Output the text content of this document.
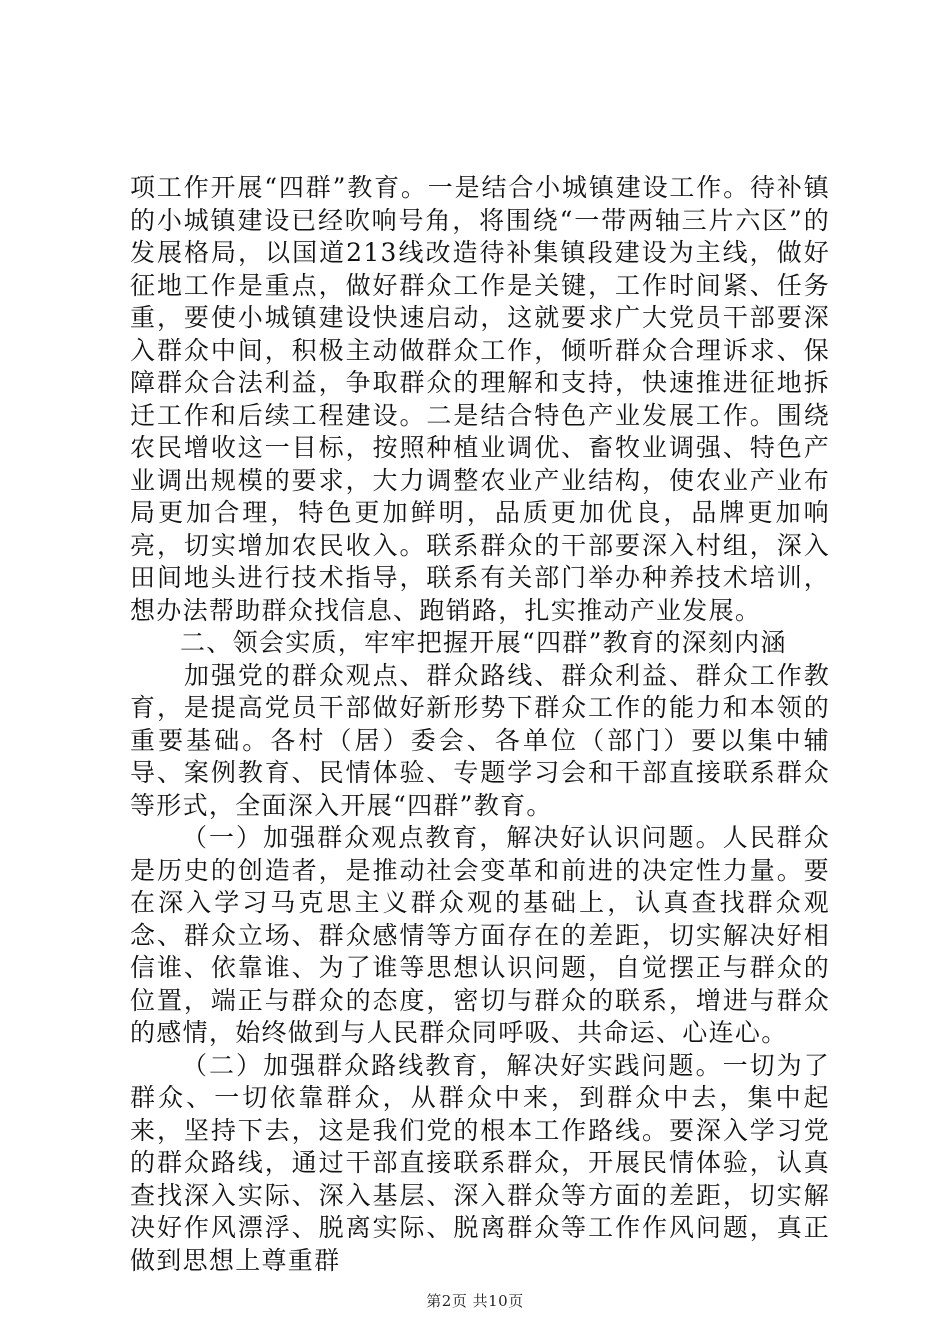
项工作开展“四群”教育。一是结合小城镇建设工作。待补镇的小城镇建设已经吹响号角，将围绕“一带两轴三片六区”的发展格局，以国道213线改造待补集镇段建设为主线，做好征地工作是重点，做好群众工作是关键，工作时间紧、任务重，要使小城镇建设快速启动，这就要求广大党员干部要深入群众中间，积极主动做群众工作，倾听群众合理诉求、保障群众合法利益，争取群众的理解和支持，快速推进征地拆迁工作和后续工程建设。二是结合特色产业发展工作。围绕农民增收这一目标，按照种植业调优、畜牧业调强、特色产业调出规模的要求，大力调整农业产业结构，使农业产业布局更加合理，特色更加鲜明，品质更加优良，品牌更加响亮，切实增加农民收入。联系群众的干部要深入村组，深入田间地头进行技术指导，联系有关部门举办种养技术培训，想办法帮助群众找信息、跑销路，扎实推动产业发展。

二、领会实质，牢牢把握开展“四群”教育的深刻内涵

加强党的群众观点、群众路线、群众利益、群众工作教育，是提高党员干部做好新形势下群众工作的能力和本领的重要基础。各村（居）委会、各单位（部门）要以集中辅导、案例教育、民情体验、专题学习会和干部直接联系群众等形式，全面深入开展“四群”教育。

（一）加强群众观点教育，解决好认识问题。人民群众是历史的创造者，是推动社会变革和前进的决定性力量。要在深入学习马克思主义群众观的基础上，认真查找群众观念、群众立场、群众感情等方面存在的差距，切实解决好相信谁、依靠谁、为了谁等思想认识问题，自觉摆正与群众的位置，端正与群众的态度，密切与群众的联系，增进与群众的感情，始终做到与人民群众同呼吸、共命运、心连心。

（二）加强群众路线教育，解决好实践问题。一切为了群众、一切依靠群众，从群众中来，到群众中去，集中起来，坚持下去，这是我们党的根本工作路线。要深入学习党的群众路线，通过干部直接联系群众，开展民情体验，认真查找深入实际、深入基层、深入群众等方面的差距，切实解决好作风漂浮、脱离实际、脱离群众等工作作风问题，真正做到思想上尊重群

第2页 共10页
